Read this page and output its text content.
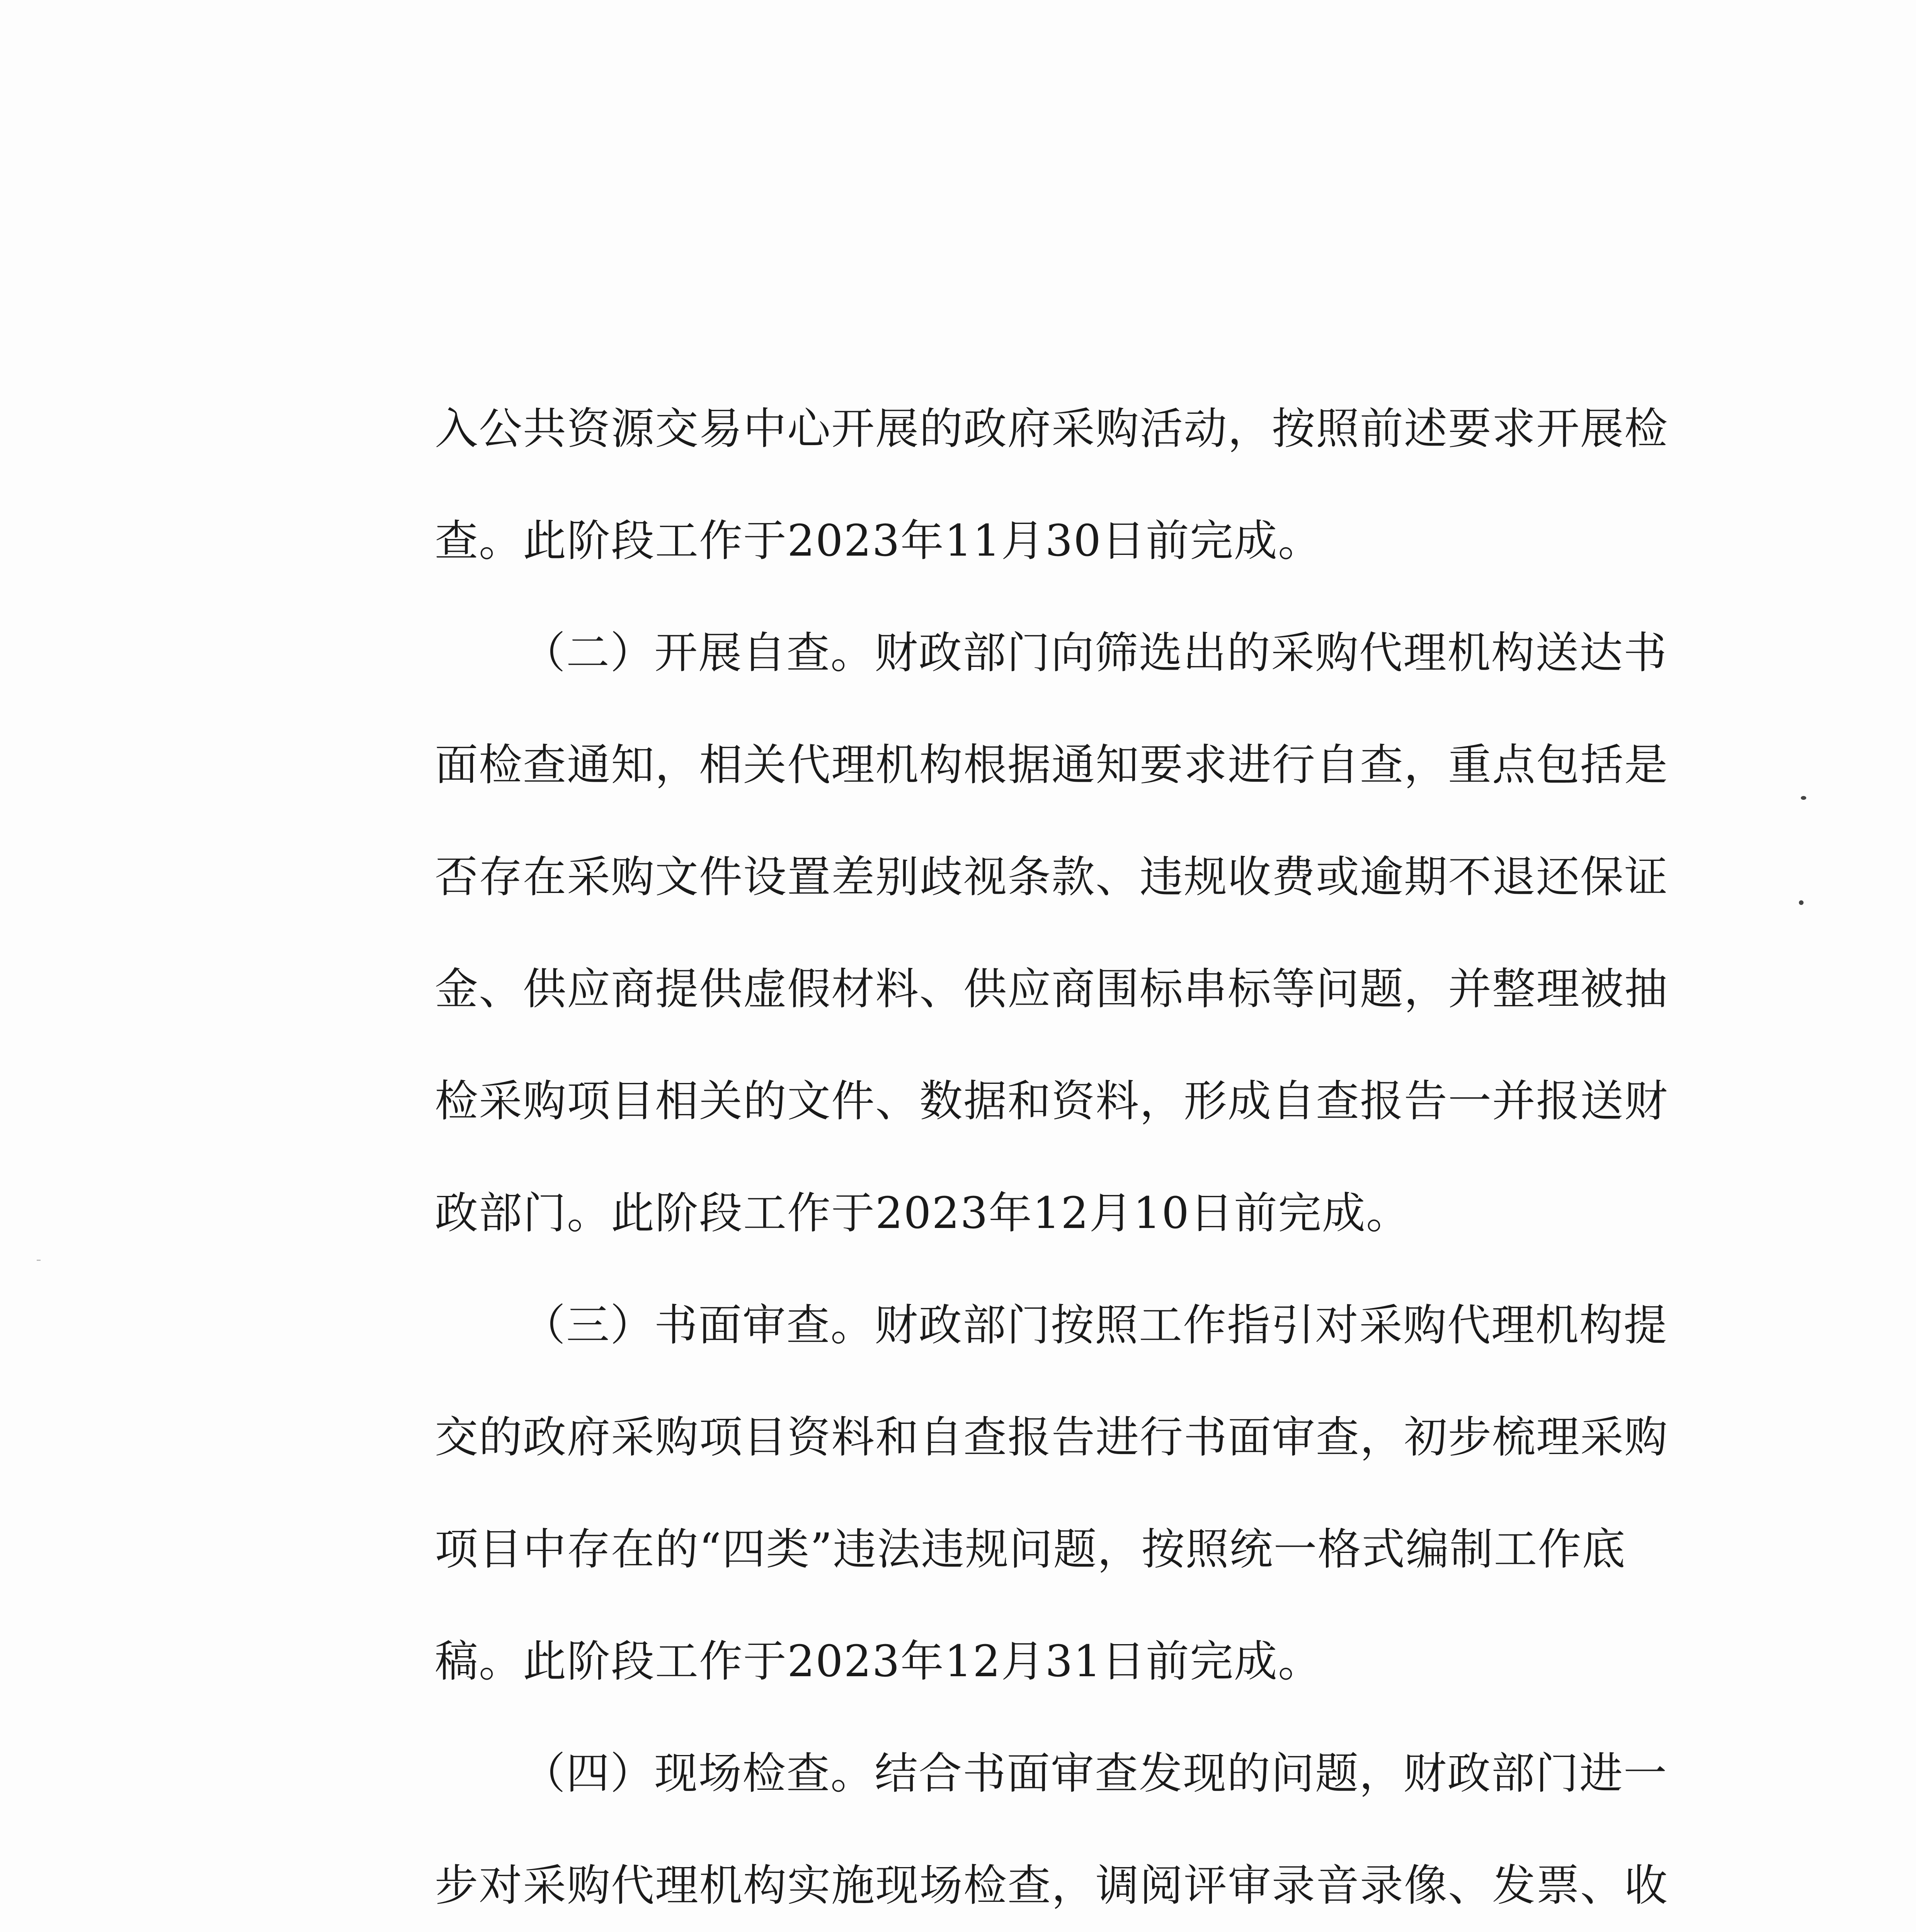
入公共资源交易中心开展的政府采购活动，按照前述要求开展检
查。此阶段工作于2023年11月30日前完成。
（二）开展自查。财政部门向筛选出的采购代理机构送达书
面检查通知，相关代理机构根据通知要求进行自查，重点包括是
否存在采购文件设置差别歧视条款、违规收费或逾期不退还保证
金、供应商提供虚假材料、供应商围标串标等问题，并整理被抽
检采购项目相关的文件、数据和资料，形成自查报告一并报送财
政部门。此阶段工作于2023年12月10日前完成。
（三）书面审查。财政部门按照工作指引对采购代理机构提
交的政府采购项目资料和自查报告进行书面审查，初步梳理采购
项目中存在的“四类”违法违规问题，按照统一格式编制工作底
稿。此阶段工作于2023年12月31日前完成。
（四）现场检查。结合书面审查发现的问题，财政部门进一
步对采购代理机构实施现场检查，调阅评审录音录像、发票、收
